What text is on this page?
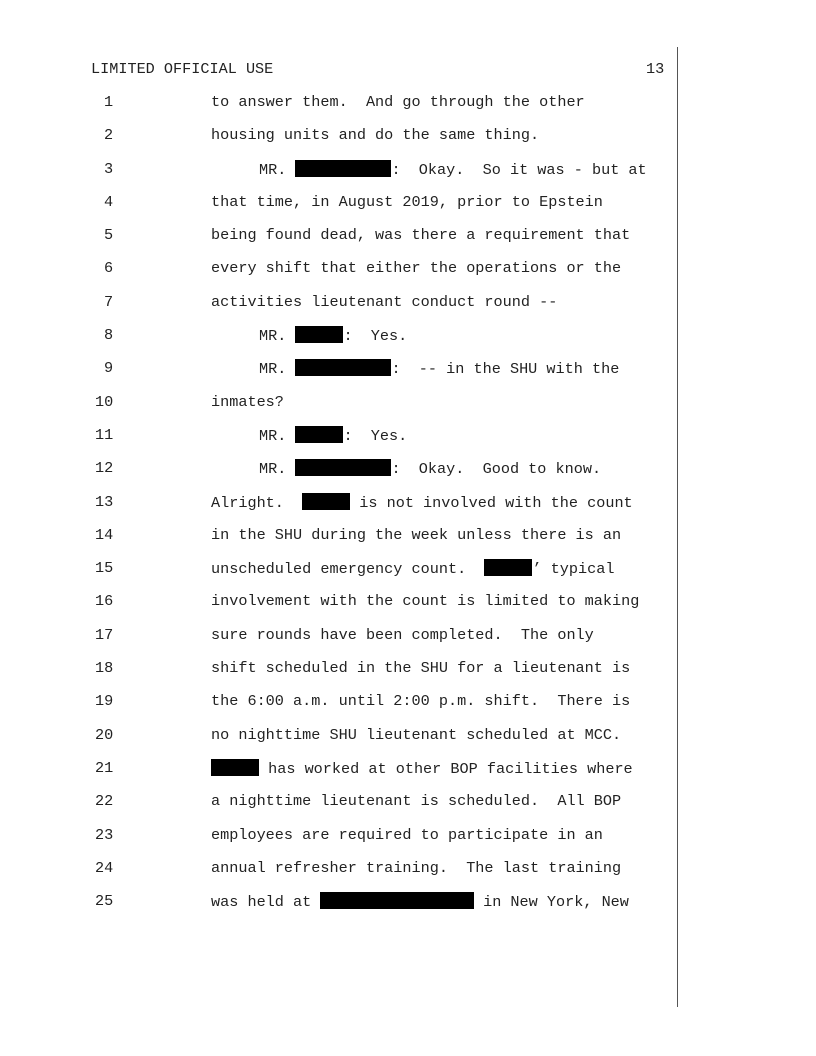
LIMITED OFFICIAL USE	13
1	to answer them.  And go through the other
2	housing units and do the same thing.
3	MR.	:  Okay.  So it was - but at
4	that time, in August 2019, prior to Epstein
5	being found dead, was there a requirement that
6	every shift that either the operations or the
7	activities lieutenant conduct round --
8	MR.	:  Yes.
9	MR.	:  -- in the SHU with the
10	inmates?
11	MR.	:  Yes.
12	MR.	:  Okay.  Good to know.
13	Alright.	is not involved with the count
14	in the SHU during the week unless there is an
15	unscheduled emergency count.	’ typical
16	involvement with the count is limited to making
17	sure rounds have been completed.  The only
18	shift scheduled in the SHU for a lieutenant is
19	the 6:00 a.m. until 2:00 p.m. shift.  There is
20	no nighttime SHU lieutenant scheduled at MCC.
21	has worked at other BOP facilities where
22	a nighttime lieutenant is scheduled.  All BOP
23	employees are required to participate in an
24	annual refresher training.  The last training
25	was held at	in New York, New
